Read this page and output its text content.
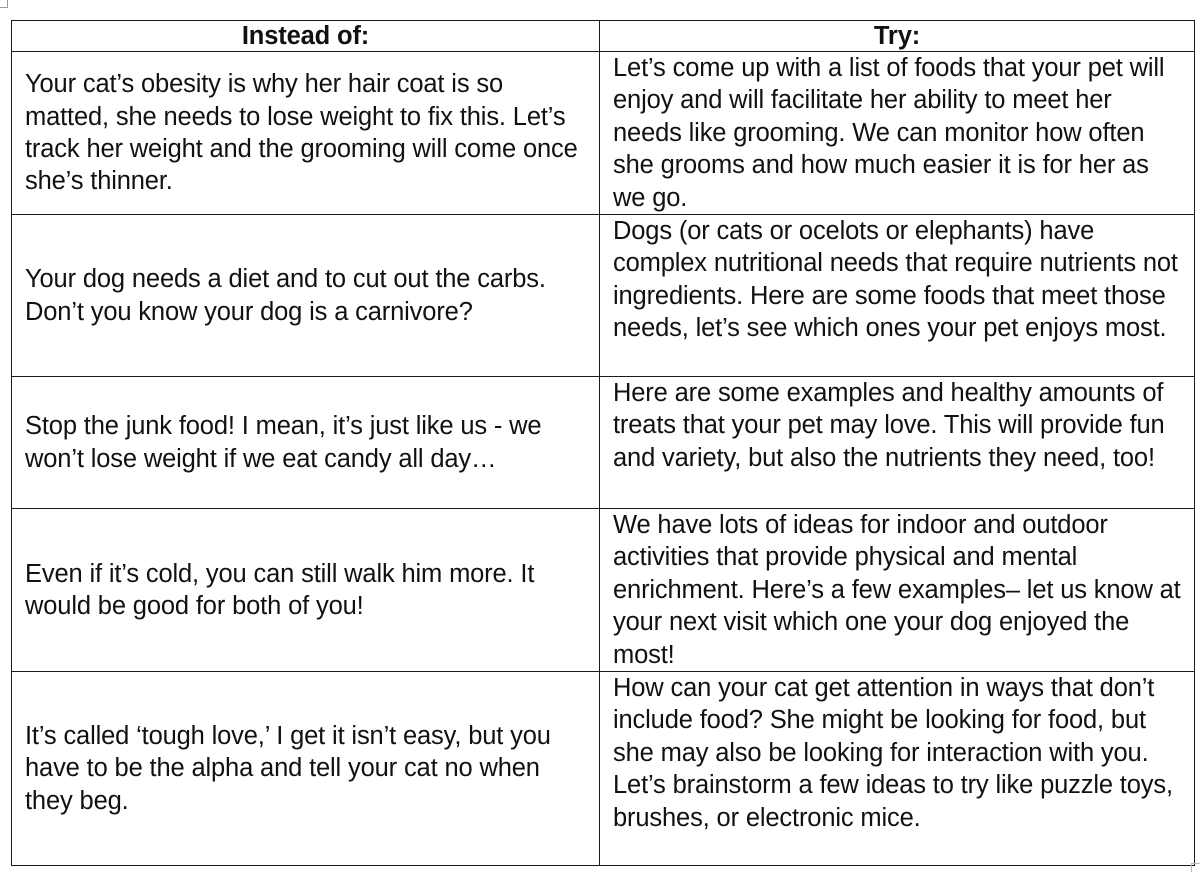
Instead of:	Try:
Your cat’s obesity is why her hair coat is so matted, she needs to lose weight to fix this. Let’s track her weight and the grooming will come once she’s thinner.	Let’s come up with a list of foods that your pet will enjoy and will facilitate her ability to meet her needs like grooming. We can monitor how often she grooms and how much easier it is for her as we go.
Your dog needs a diet and to cut out the carbs. Don’t you know your dog is a carnivore?	Dogs (or cats or ocelots or elephants) have complex nutritional needs that require nutrients not ingredients. Here are some foods that meet those needs, let’s see which ones your pet enjoys most.
Stop the junk food! I mean, it’s just like us - we won’t lose weight if we eat candy all day…	Here are some examples and healthy amounts of treats that your pet may love. This will provide fun and variety, but also the nutrients they need, too!
Even if it’s cold, you can still walk him more. It would be good for both of you!	We have lots of ideas for indoor and outdoor activities that provide physical and mental enrichment. Here’s a few examples– let us know at your next visit which one your dog enjoyed the most!
It’s called ‘tough love,’ I get it isn’t easy, but you have to be the alpha and tell your cat no when they beg.	How can your cat get attention in ways that don’t include food? She might be looking for food, but she may also be looking for interaction with you. Let’s brainstorm a few ideas to try like puzzle toys, brushes, or electronic mice.
